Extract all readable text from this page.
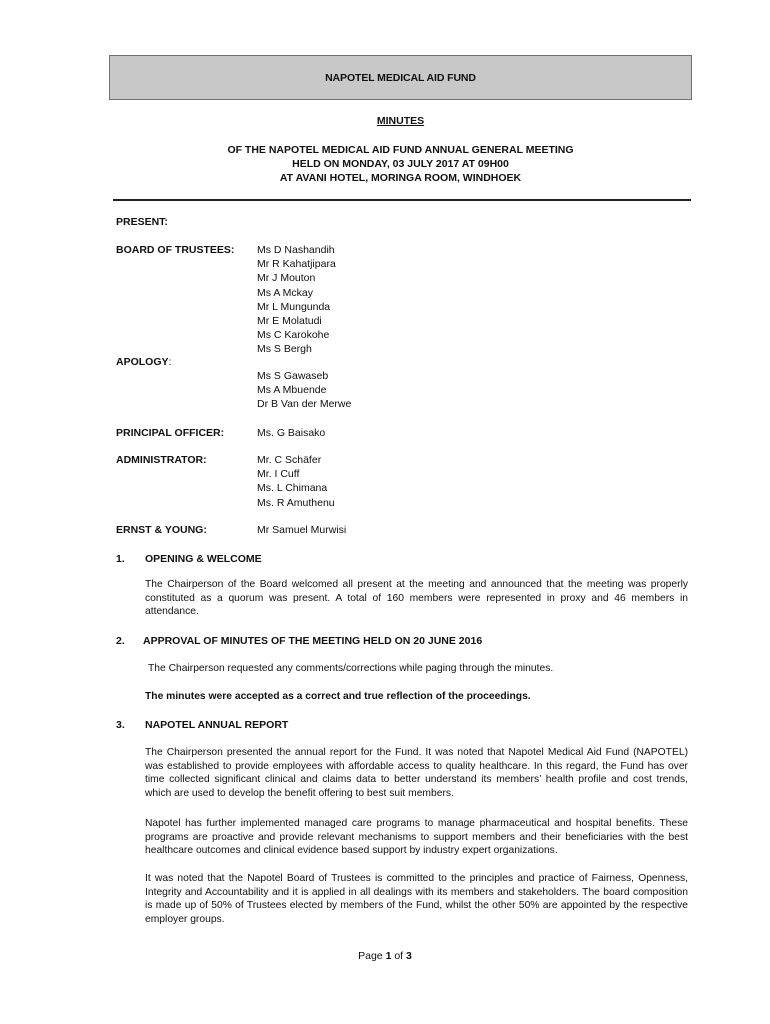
NAPOTEL MEDICAL AID FUND
MINUTES
OF THE NAPOTEL MEDICAL AID FUND ANNUAL GENERAL MEETING
HELD ON MONDAY, 03 JULY 2017 AT 09H00
AT AVANI HOTEL, MORINGA ROOM, WINDHOEK
PRESENT:
BOARD OF TRUSTEES: Ms D Nashandih
Mr R Kahatjipara
Mr J Mouton
Ms A Mckay
Mr L Mungunda
Mr E Molatudi
Ms C Karokohe
Ms S Bergh
APOLOGY:
Ms S Gawaseb
Ms A Mbuende
Dr B Van der Merwe
PRINCIPAL OFFICER:	Ms. G Baisako
ADMINISTRATOR:	Mr. C Schäfer
Mr. I Cuff
Ms. L Chimana
Ms. R Amuthenu
ERNST & YOUNG:	Mr Samuel Murwisi
1. OPENING & WELCOME
The Chairperson of the Board welcomed all present at the meeting and announced that the meeting was properly constituted as a quorum was present. A total of 160 members were represented in proxy and 46 members in attendance.
2. APPROVAL OF MINUTES OF THE MEETING HELD ON 20 JUNE 2016
The Chairperson requested any comments/corrections while paging through the minutes.
The minutes were accepted as a correct and true reflection of the proceedings.
3. NAPOTEL ANNUAL REPORT
The Chairperson presented the annual report for the Fund. It was noted that Napotel Medical Aid Fund (NAPOTEL) was established to provide employees with affordable access to quality healthcare. In this regard, the Fund has over time collected significant clinical and claims data to better understand its members’ health profile and cost trends, which are used to develop the benefit offering to best suit members.
Napotel has further implemented managed care programs to manage pharmaceutical and hospital benefits. These programs are proactive and provide relevant mechanisms to support members and their beneficiaries with the best healthcare outcomes and clinical evidence based support by industry expert organizations.
It was noted that the Napotel Board of Trustees is committed to the principles and practice of Fairness, Openness, Integrity and Accountability and it is applied in all dealings with its members and stakeholders. The board composition is made up of 50% of Trustees elected by members of the Fund, whilst the other 50% are appointed by the respective employer groups.
Page 1 of 3
